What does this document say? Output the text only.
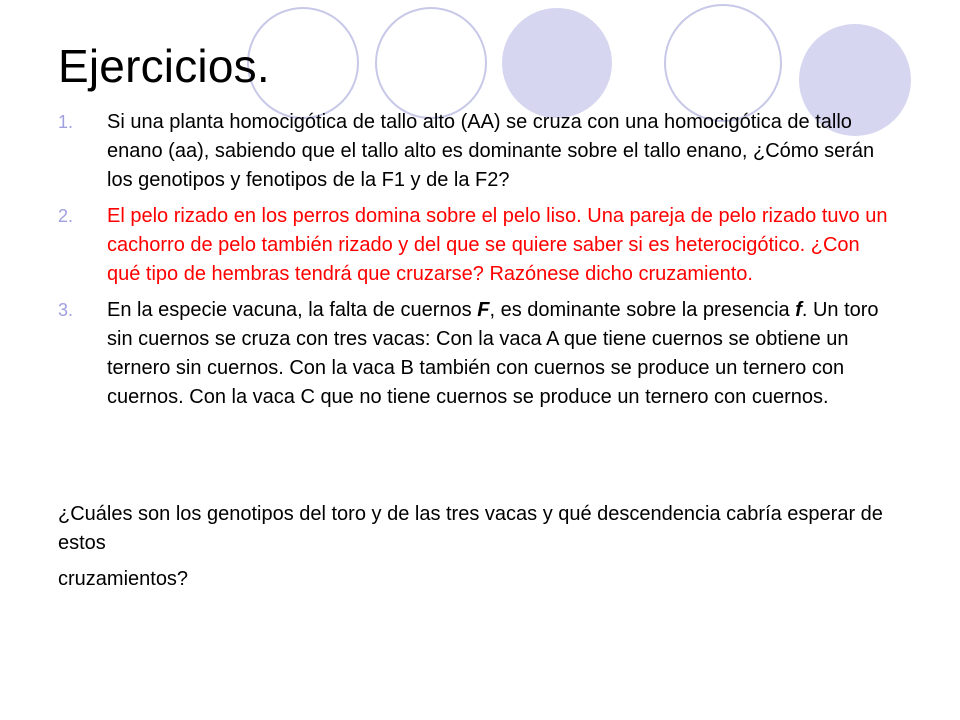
Ejercicios.
1. Si una planta homocigótica de tallo alto (AA) se cruza con una homocigótica de tallo enano (aa), sabiendo que el tallo alto es dominante sobre el tallo enano, ¿Cómo serán los genotipos y fenotipos de la F1 y de la F2?
2. El pelo rizado en los perros domina sobre el pelo liso. Una pareja de pelo rizado tuvo un cachorro de pelo también rizado y del que se quiere saber si es heterocigótico. ¿Con qué tipo de hembras tendrá que cruzarse? Razónese dicho cruzamiento.
3. En la especie vacuna, la falta de cuernos F, es dominante sobre la presencia f. Un toro sin cuernos se cruza con tres vacas: Con la vaca A que tiene cuernos se obtiene un ternero sin cuernos. Con la vaca B también con cuernos se produce un ternero con cuernos. Con la vaca C que no tiene cuernos se produce un ternero con cuernos.

¿Cuáles son los genotipos del toro y de las tres vacas y qué descendencia cabría esperar de estos

cruzamientos?
